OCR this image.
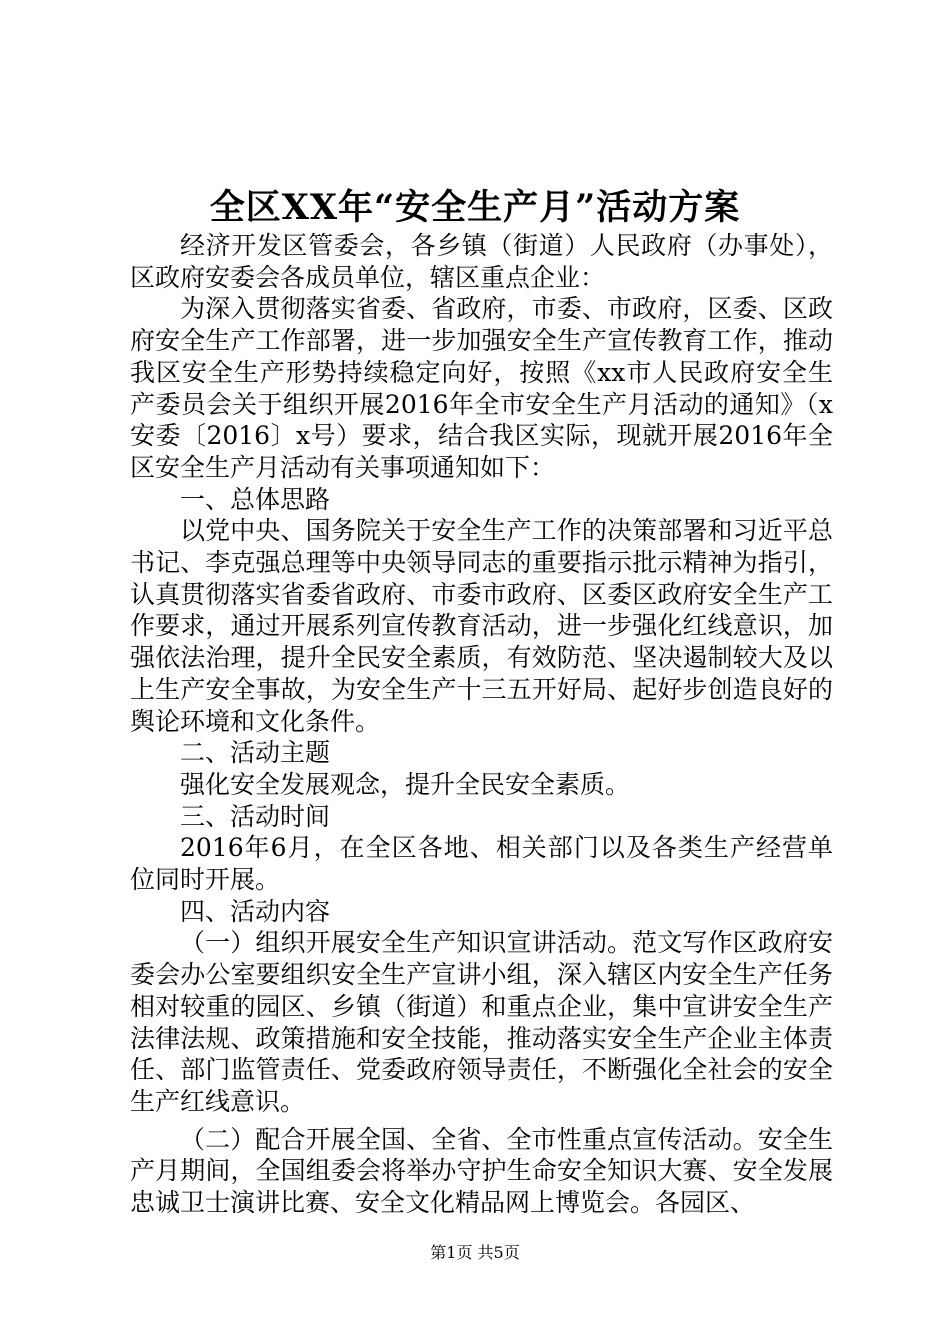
全区XX年“安全生产月”活动方案

经济开发区管委会，各乡镇（街道）人民政府（办事处），区政府安委会各成员单位，辖区重点企业：

为深入贯彻落实省委、省政府，市委、市政府，区委、区政府安全生产工作部署，进一步加强安全生产宣传教育工作，推动我区安全生产形势持续稳定向好，按照《xx市人民政府安全生产委员会关于组织开展2016年全市安全生产月活动的通知》（x安委〔2016〕x号）要求，结合我区实际，现就开展2016年全区安全生产月活动有关事项通知如下：

一、总体思路

以党中央、国务院关于安全生产工作的决策部署和习近平总书记、李克强总理等中央领导同志的重要指示批示精神为指引，认真贯彻落实省委省政府、市委市政府、区委区政府安全生产工作要求，通过开展系列宣传教育活动，进一步强化红线意识，加强依法治理，提升全民安全素质，有效防范、坚决遏制较大及以上生产安全事故，为安全生产十三五开好局、起好步创造良好的舆论环境和文化条件。

二、活动主题

强化安全发展观念，提升全民安全素质。

三、活动时间

2016年6月，在全区各地、相关部门以及各类生产经营单位同时开展。

四、活动内容

（一）组织开展安全生产知识宣讲活动。范文写作区政府安委会办公室要组织安全生产宣讲小组，深入辖区内安全生产任务相对较重的园区、乡镇（街道）和重点企业，集中宣讲安全生产法律法规、政策措施和安全技能，推动落实安全生产企业主体责任、部门监管责任、党委政府领导责任，不断强化全社会的安全生产红线意识。

（二）配合开展全国、全省、全市性重点宣传活动。安全生产月期间，全国组委会将举办守护生命安全知识大赛、安全发展忠诚卫士演讲比赛、安全文化精品网上博览会。各园区、

第1页 共5页
